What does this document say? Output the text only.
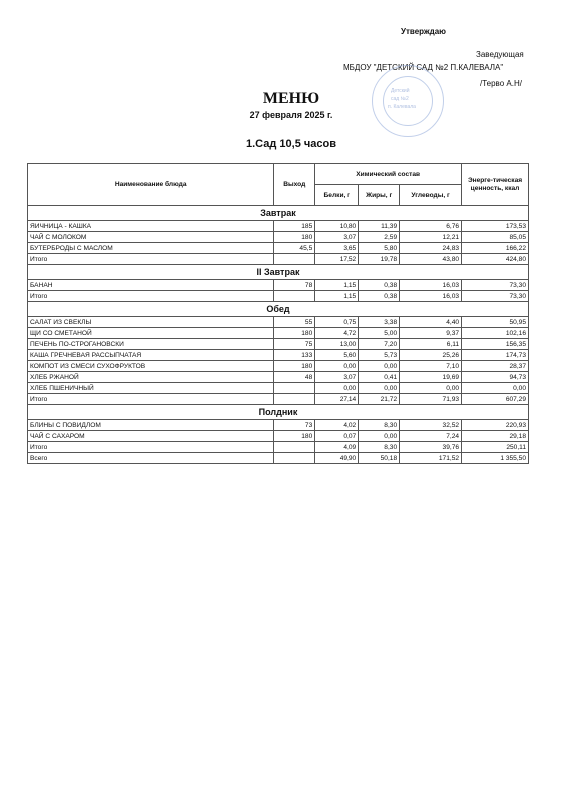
Утверждаю
Заведующая
МБДОУ "ДЕТСКИЙ САД №2 П.КАЛЕВАЛА"
/Терво А.Н/
Детский
сад №2
п. Калевала
МЕНЮ
27 февраля 2025 г.
1.Сад 10,5 часов
Наименование блюда	Выход	Химический состав			Энерге-тическая ценность, ккал
		Белки, г	Жиры, г	Углеводы, г	
Завтрак					
ЯИЧНИЦА - КАШКА	185	10,80	11,39	6,76	173,53
ЧАЙ С МОЛОКОМ	180	3,07	2,59	12,21	85,05
БУТЕРБРОДЫ С МАСЛОМ	45,5	3,65	5,80	24,83	166,22
Итого		17,52	19,78	43,80	424,80
II Завтрак					
БАНАН	78	1,15	0,38	16,03	73,30
Итого		1,15	0,38	16,03	73,30
Обед					
САЛАТ ИЗ СВЕКЛЫ	55	0,75	3,38	4,40	50,95
ЩИ СО СМЕТАНОЙ	180	4,72	5,00	9,37	102,16
ПЕЧЕНЬ ПО-СТРОГАНОВСКИ	75	13,00	7,20	6,11	156,35
КАША ГРЕЧНЕВАЯ РАССЫПЧАТАЯ	133	5,60	5,73	25,26	174,73
КОМПОТ ИЗ СМЕСИ СУХОФРУКТОВ	180	0,00	0,00	7,10	28,37
ХЛЕБ РЖАНОЙ	48	3,07	0,41	19,69	94,73
ХЛЕБ ПШЕНИЧНЫЙ		0,00	0,00	0,00	0,00
Итого		27,14	21,72	71,93	607,29
Полдник					
БЛИНЫ С ПОВИДЛОМ	73	4,02	8,30	32,52	220,93
ЧАЙ С САХАРОМ	180	0,07	0,00	7,24	29,18
Итого		4,09	8,30	39,76	250,11
Всего		49,90	50,18	171,52	1 355,50
